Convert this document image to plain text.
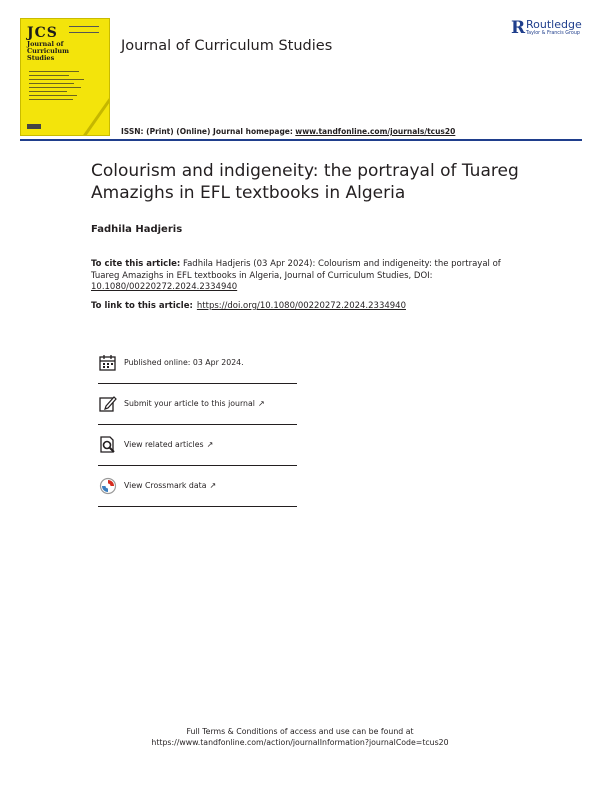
JCS
Journal of Curriculum Studies
Journal of Curriculum Studies
ISSN: (Print) (Online) Journal homepage: www.tandfonline.com/journals/tcus20
R Routledge
Taylor & Francis Group
Colourism and indigeneity: the portrayal of Tuareg Amazighs in EFL textbooks in Algeria
Fadhila Hadjeris
To cite this article: Fadhila Hadjeris (03 Apr 2024): Colourism and indigeneity: the portrayal of Tuareg Amazighs in EFL textbooks in Algeria, Journal of Curriculum Studies, DOI: 10.1080/00220272.2024.2334940
To link to this article: https://doi.org/10.1080/00220272.2024.2334940
Published online: 03 Apr 2024.
Submit your article to this journal ↗
View related articles ↗
View Crossmark data ↗
Full Terms & Conditions of access and use can be found at
https://www.tandfonline.com/action/journalInformation?journalCode=tcus20
